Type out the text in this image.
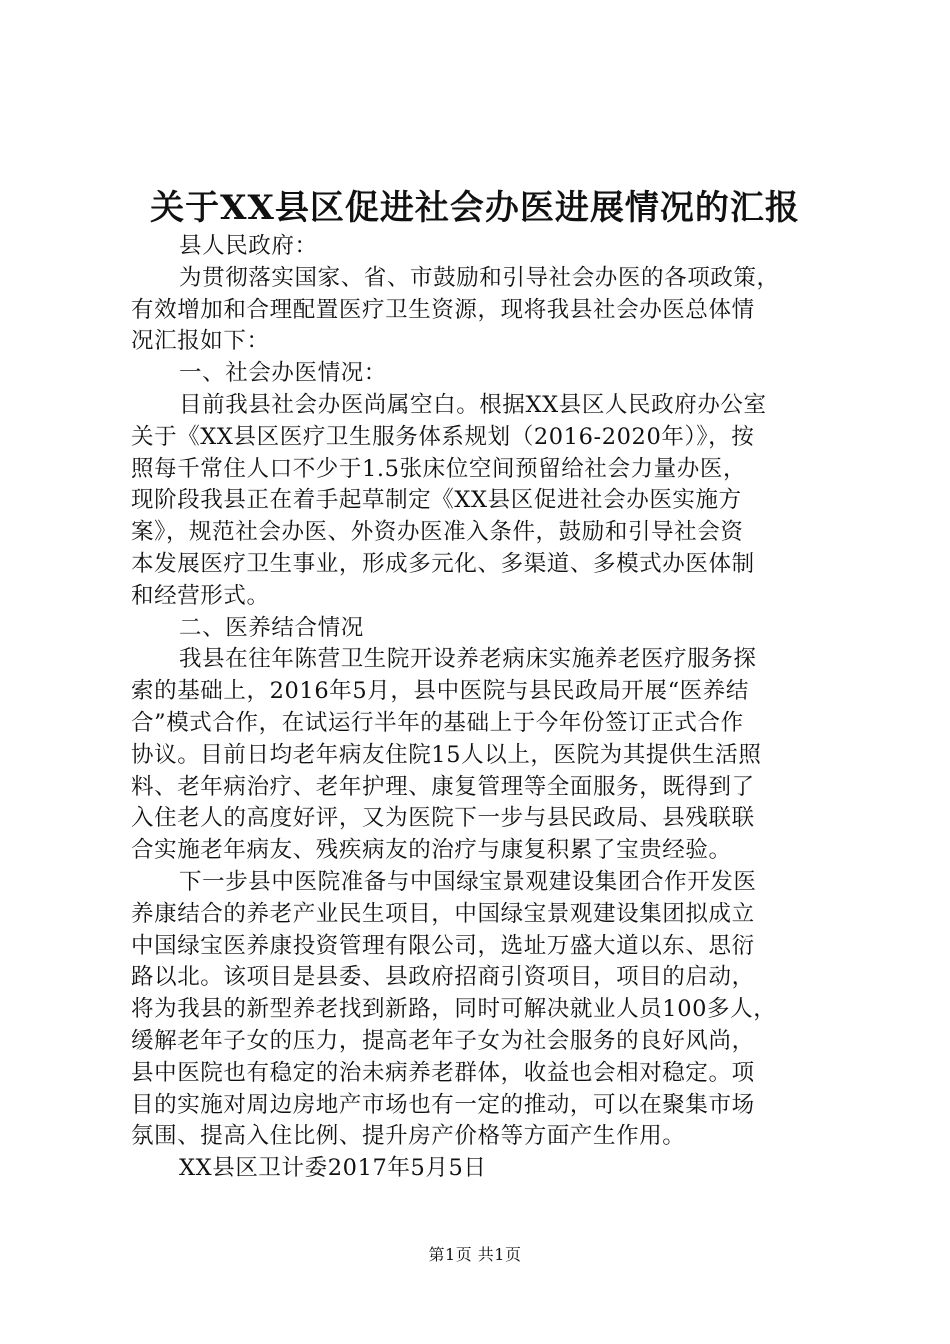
关于XX县区促进社会办医进展情况的汇报
县人民政府：
为贯彻落实国家、省、市鼓励和引导社会办医的各项政策，
有效增加和合理配置医疗卫生资源，现将我县社会办医总体情
况汇报如下：
一、社会办医情况：
目前我县社会办医尚属空白。根据XX县区人民政府办公室
关于《XX县区医疗卫生服务体系规划（2016-2020年）》，按
照每千常住人口不少于1.5张床位空间预留给社会力量办医，
现阶段我县正在着手起草制定《XX县区促进社会办医实施方
案》，规范社会办医、外资办医准入条件，鼓励和引导社会资
本发展医疗卫生事业，形成多元化、多渠道、多模式办医体制
和经营形式。
二、医养结合情况
我县在往年陈营卫生院开设养老病床实施养老医疗服务探
索的基础上，2016年5月，县中医院与县民政局开展“医养结
合”模式合作，在试运行半年的基础上于今年份签订正式合作
协议。目前日均老年病友住院15人以上，医院为其提供生活照
料、老年病治疗、老年护理、康复管理等全面服务，既得到了
入住老人的高度好评，又为医院下一步与县民政局、县残联联
合实施老年病友、残疾病友的治疗与康复积累了宝贵经验。
下一步县中医院准备与中国绿宝景观建设集团合作开发医
养康结合的养老产业民生项目，中国绿宝景观建设集团拟成立
中国绿宝医养康投资管理有限公司，选址万盛大道以东、思衍
路以北。该项目是县委、县政府招商引资项目，项目的启动，
将为我县的新型养老找到新路，同时可解决就业人员100多人，
缓解老年子女的压力，提高老年子女为社会服务的良好风尚，
县中医院也有稳定的治未病养老群体，收益也会相对稳定。项
目的实施对周边房地产市场也有一定的推动，可以在聚集市场
氛围、提高入住比例、提升房产价格等方面产生作用。
XX县区卫计委2017年5月5日
第1页 共1页
